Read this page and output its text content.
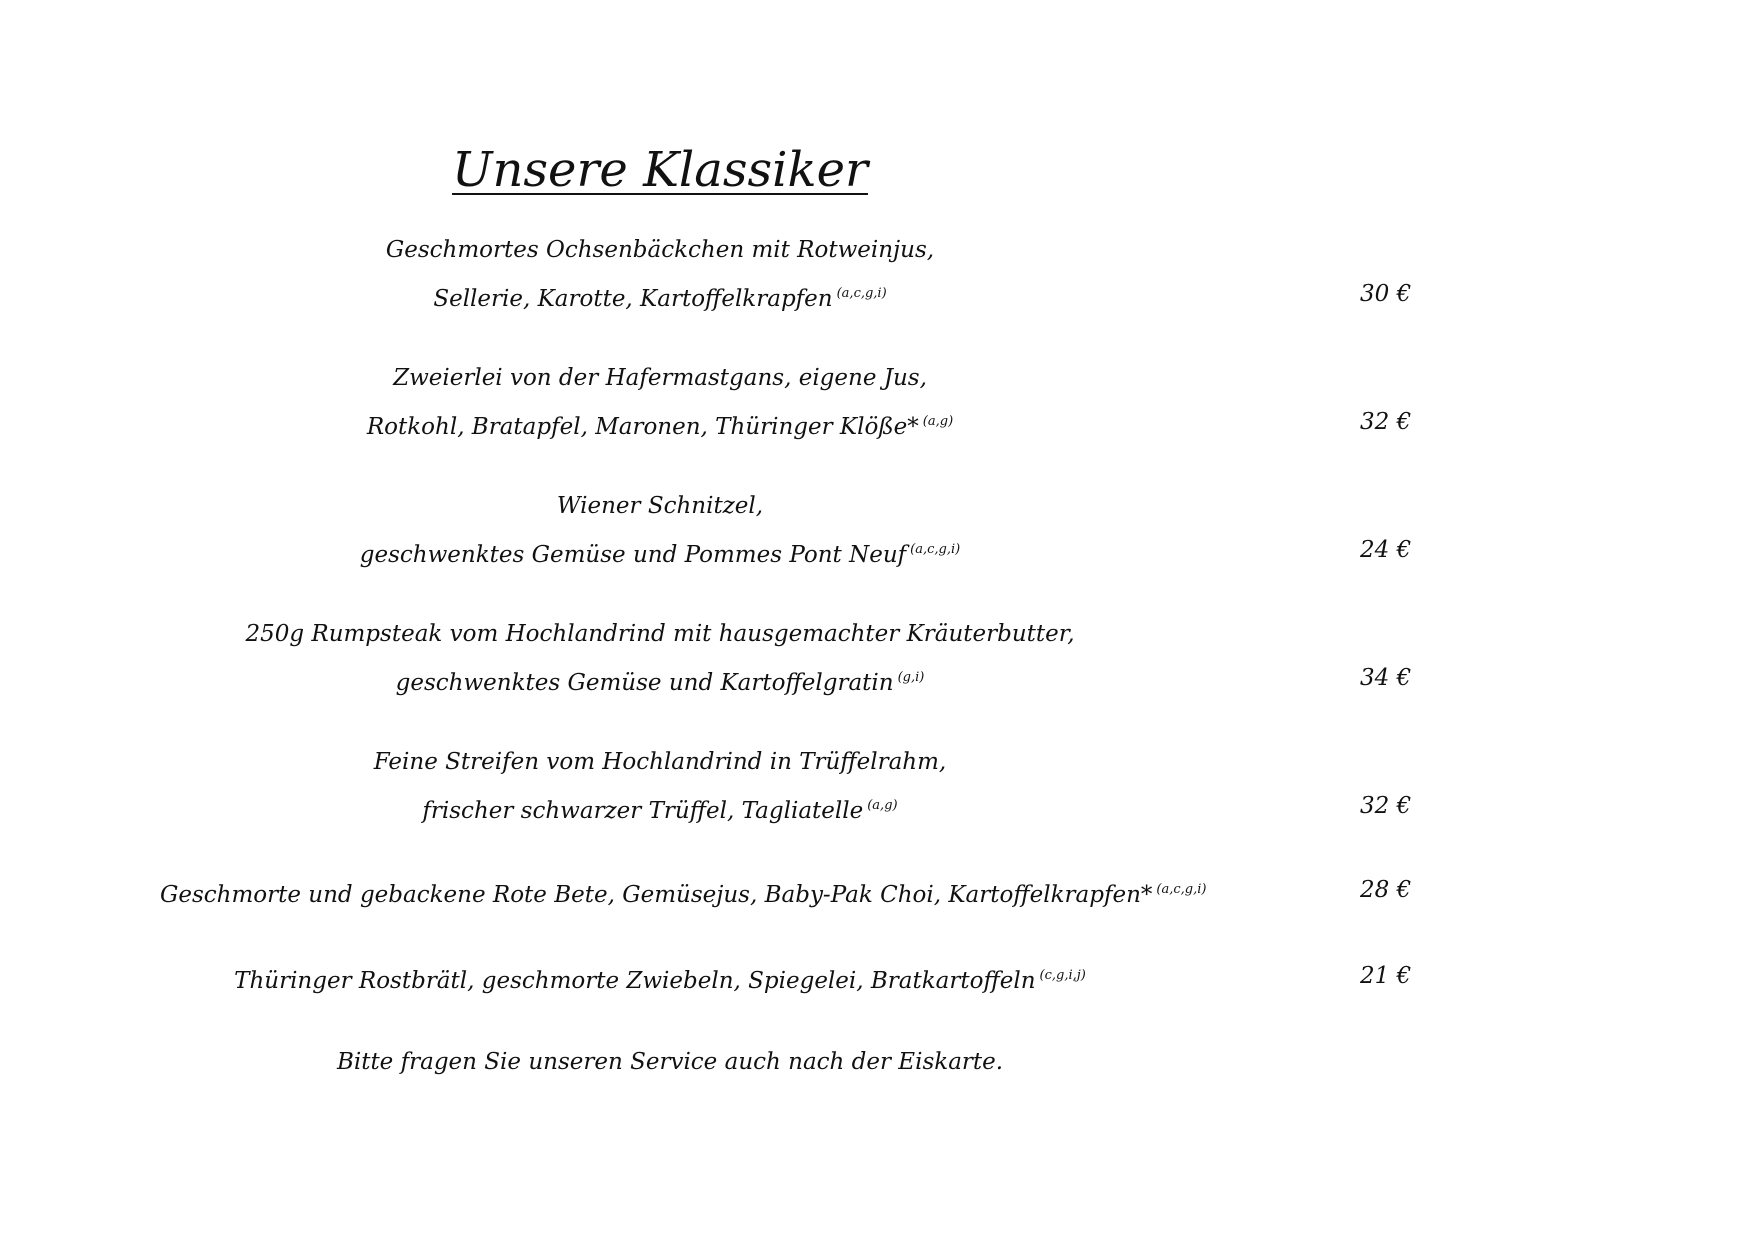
Unsere Klassiker
Geschmortes Ochsenbäckchen mit Rotweinjus,
Sellerie, Karotte, Kartoffelkrapfen $^{(a,c,g,i)}$	30 €
Zweierlei von der Hafermastgans, eigene Jus,
Rotkohl, Bratapfel, Maronen, Thüringer Klöße* $^{(a,g)}$	32 €
Wiener Schnitzel,
geschwenktes Gemüse und Pommes Pont Neuf $^{(a,c,g,i)}$	24 €
250g Rumpsteak vom Hochlandrind mit hausgemachter Kräuterbutter,
geschwenktes Gemüse und Kartoffelgratin $^{(g,i)}$	34 €
Feine Streifen vom Hochlandrind in Trüffelrahm,
frischer schwarzer Trüffel, Tagliatelle $^{(a,g)}$	32 €
Geschmorte und gebackene Rote Bete, Gemüsejus, Baby-Pak Choi, Kartoffelkrapfen* $^{(a,c,g,i)}$	28 €
Thüringer Rostbrätl, geschmorte Zwiebeln, Spiegelei, Bratkartoffeln $^{(c,g,i,j)}$	21 €
Bitte fragen Sie unseren Service auch nach der Eiskarte.
